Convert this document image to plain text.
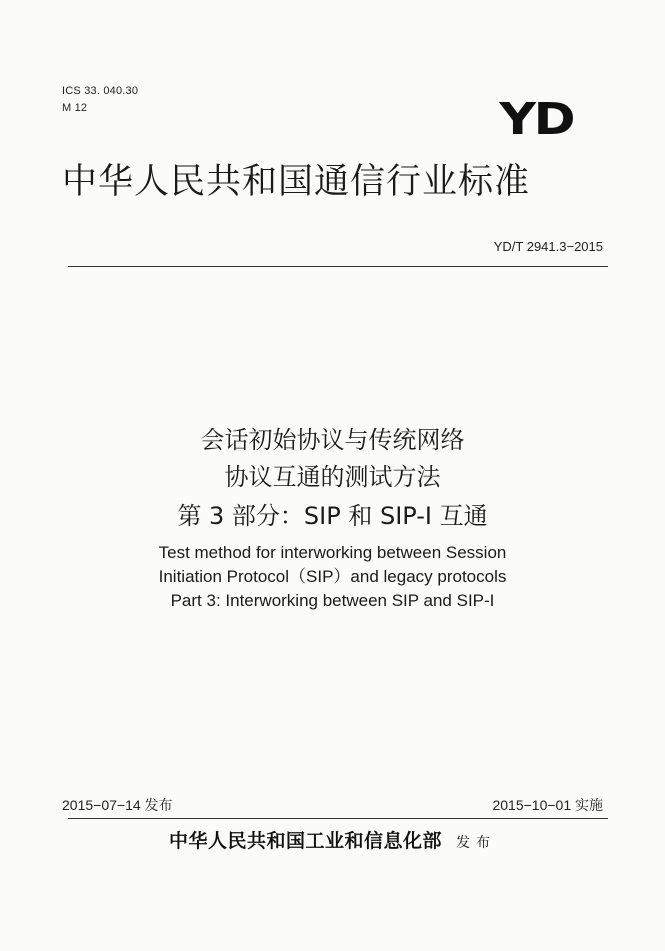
ICS 33. 040.30
M 12	YD
中华人民共和国通信行业标准
YD/T 2941.3−2015
会话初始协议与传统网络
协议互通的测试方法
第 3 部分：SIP 和 SIP-I 互通
Test method for interworking between Session
Initiation Protocol（SIP）and legacy protocols
Part 3: Interworking between SIP and SIP-I
2015−07−14 发布	2015−10−01 实施
中华人民共和国工业和信息化部 发布
